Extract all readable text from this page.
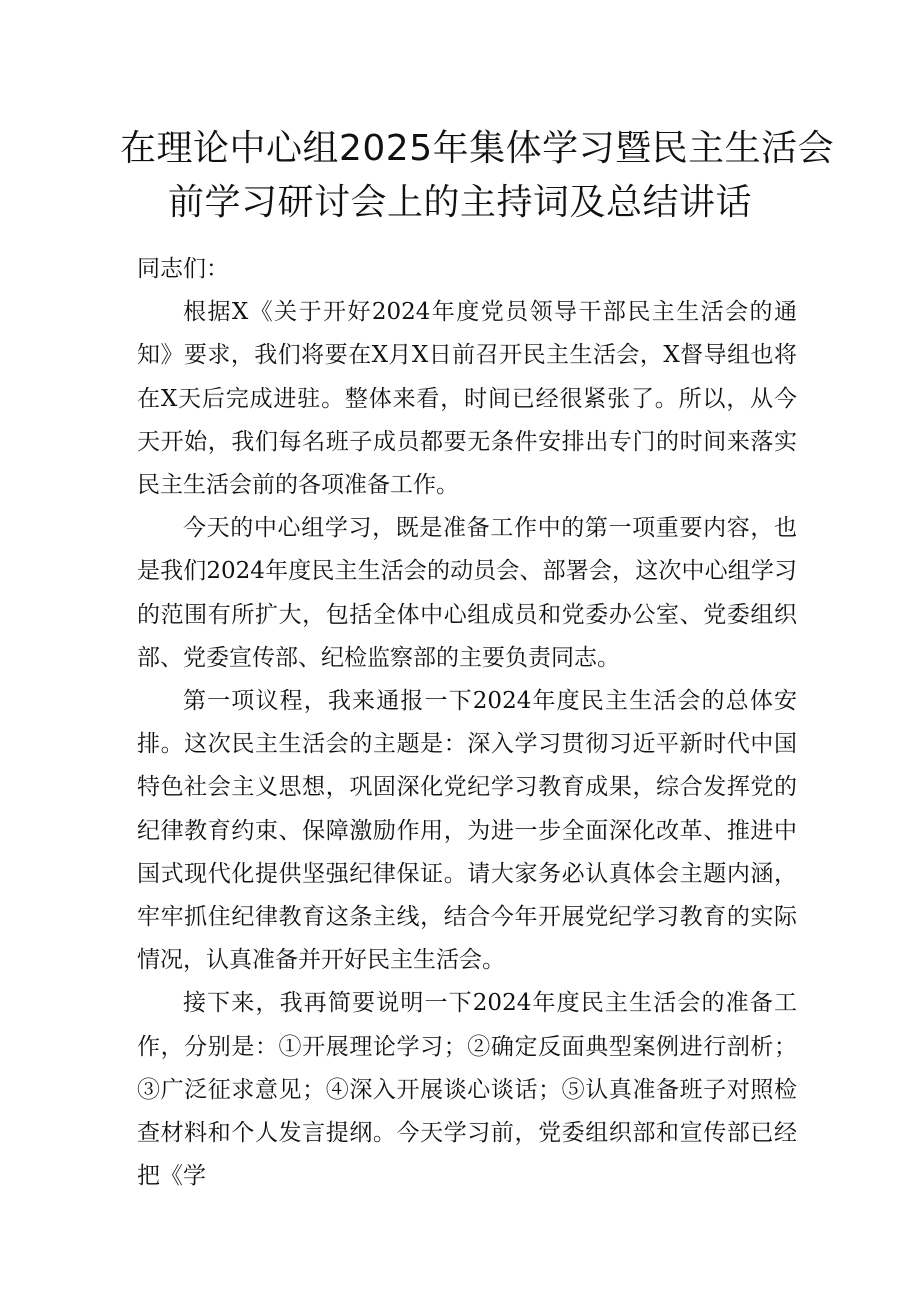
在理论中心组2025年集体学习暨民主生活会
前学习研讨会上的主持词及总结讲话

同志们：

根据X《关于开好2024年度党员领导干部民主生活会的通知》要求，我们将要在X月X日前召开民主生活会，X督导组也将在X天后完成进驻。整体来看，时间已经很紧张了。所以，从今天开始，我们每名班子成员都要无条件安排出专门的时间来落实民主生活会前的各项准备工作。

今天的中心组学习，既是准备工作中的第一项重要内容，也是我们2024年度民主生活会的动员会、部署会，这次中心组学习的范围有所扩大，包括全体中心组成员和党委办公室、党委组织部、党委宣传部、纪检监察部的主要负责同志。

第一项议程，我来通报一下2024年度民主生活会的总体安排。这次民主生活会的主题是：深入学习贯彻习近平新时代中国特色社会主义思想，巩固深化党纪学习教育成果，综合发挥党的纪律教育约束、保障激励作用，为进一步全面深化改革、推进中国式现代化提供坚强纪律保证。请大家务必认真体会主题内涵，牢牢抓住纪律教育这条主线，结合今年开展党纪学习教育的实际情况，认真准备并开好民主生活会。

接下来，我再简要说明一下2024年度民主生活会的准备工作，分别是：①开展理论学习；②确定反面典型案例进行剖析；③广泛征求意见；④深入开展谈心谈话；⑤认真准备班子对照检查材料和个人发言提纲。今天学习前，党委组织部和宣传部已经把《学
